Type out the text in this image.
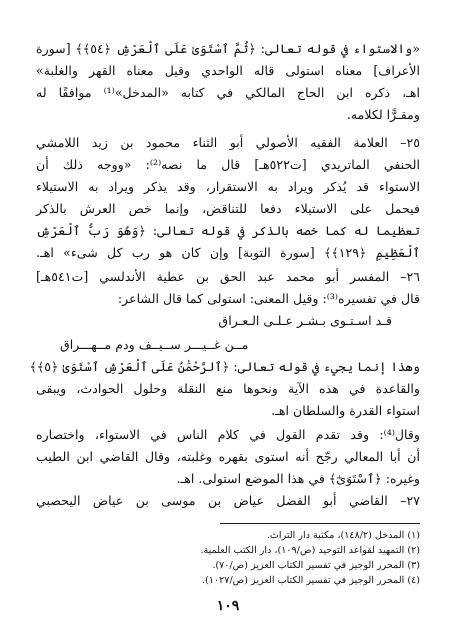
«والاستواء في قوله تعالى: ﴿ثُمَّ ٱسْتَوَىٰ عَلَى ٱلْعَرْشِ ﴿٥٤﴾﴾ [سورة
الأعراف] معناه استولى قاله الواحدي وقيل معناه القهر والغلبة»
اهـ، ذكره ابن الحاج المالكي في كتابه «المدخل»⁽¹⁾ موافقًا له
ومقـرًّا لكلامه.
٢٥– العلامة الفقيه الأصولي أبو الثناء محمود بن زيد اللامشي
الحنفي الماتريدي [ت٥٢٢هـ] قال ما نصه⁽²⁾: «ووجه ذلك أن
الاستواء قد يُذكر ويراد به الاستقرار، وقد يذكر ويراد به الاستيلاء
فيحمل على الاستيلاء دفعا للتناقض، وإنما خص العرش بالذكر
تعظيما له كما خصه بالذكر في قوله تعالى: ﴿وَهُوَ رَبُّ ٱلْعَرْشِ
ٱلْعَظِيمِ ﴿١٢٩﴾﴾ [سورة التوبة] وإن كان هو رب كل شىء» اهـ.
٢٦– المفسر أبو محمد عبد الحق بن عطية الأندلسي [ت٥٤١هـ]
قال في تفسيره⁽³⁾: وقيل المعنى: استولى كما قال الشاعر:
قـد اسـتـوى بـشـر عـلـى الـعـراق
مــن غــيـــر ســيــف ودم مــهـــراق
وهذا إنما يجيء في قوله تعالى: ﴿ٱلرَّحْمَٰنُ عَلَى ٱلْعَرْشِ ٱسْتَوَىٰ ﴿٥﴾﴾
والقاعدة في هذه الآية ونحوها منع النقلة وحلول الحوادث، ويبقى
استواء القدرة والسلطان اهـ.
وقال⁽⁴⁾: وقد تقدم القول في كلام الناس في الاستواء، واختصاره
أن أبا المعالي رجّح أنه استوى بقهره وغلبته، وقال القاضي ابن الطيب
وغيره: ﴿ٱسْتَوَىٰٓ﴾ في هذا الموضع استولى. اهـ.
٢٧– القاضي أبو الفضل عياض بن موسى بن عياض اليحصبي
(١) المدخل (١٤٨/٢)، مكتبة دار التراث.
(٢) التمهيد لقواعد التوحيد (ص/١٠٩)، دار الكتب العلمية.
(٣) المحرر الوجيز في تفسير الكتاب العزيز (ص/٧٠).
(٤) المحرر الوجيز في تفسير الكتاب العزيز (ص/١٠٢٧).
١٠٩
